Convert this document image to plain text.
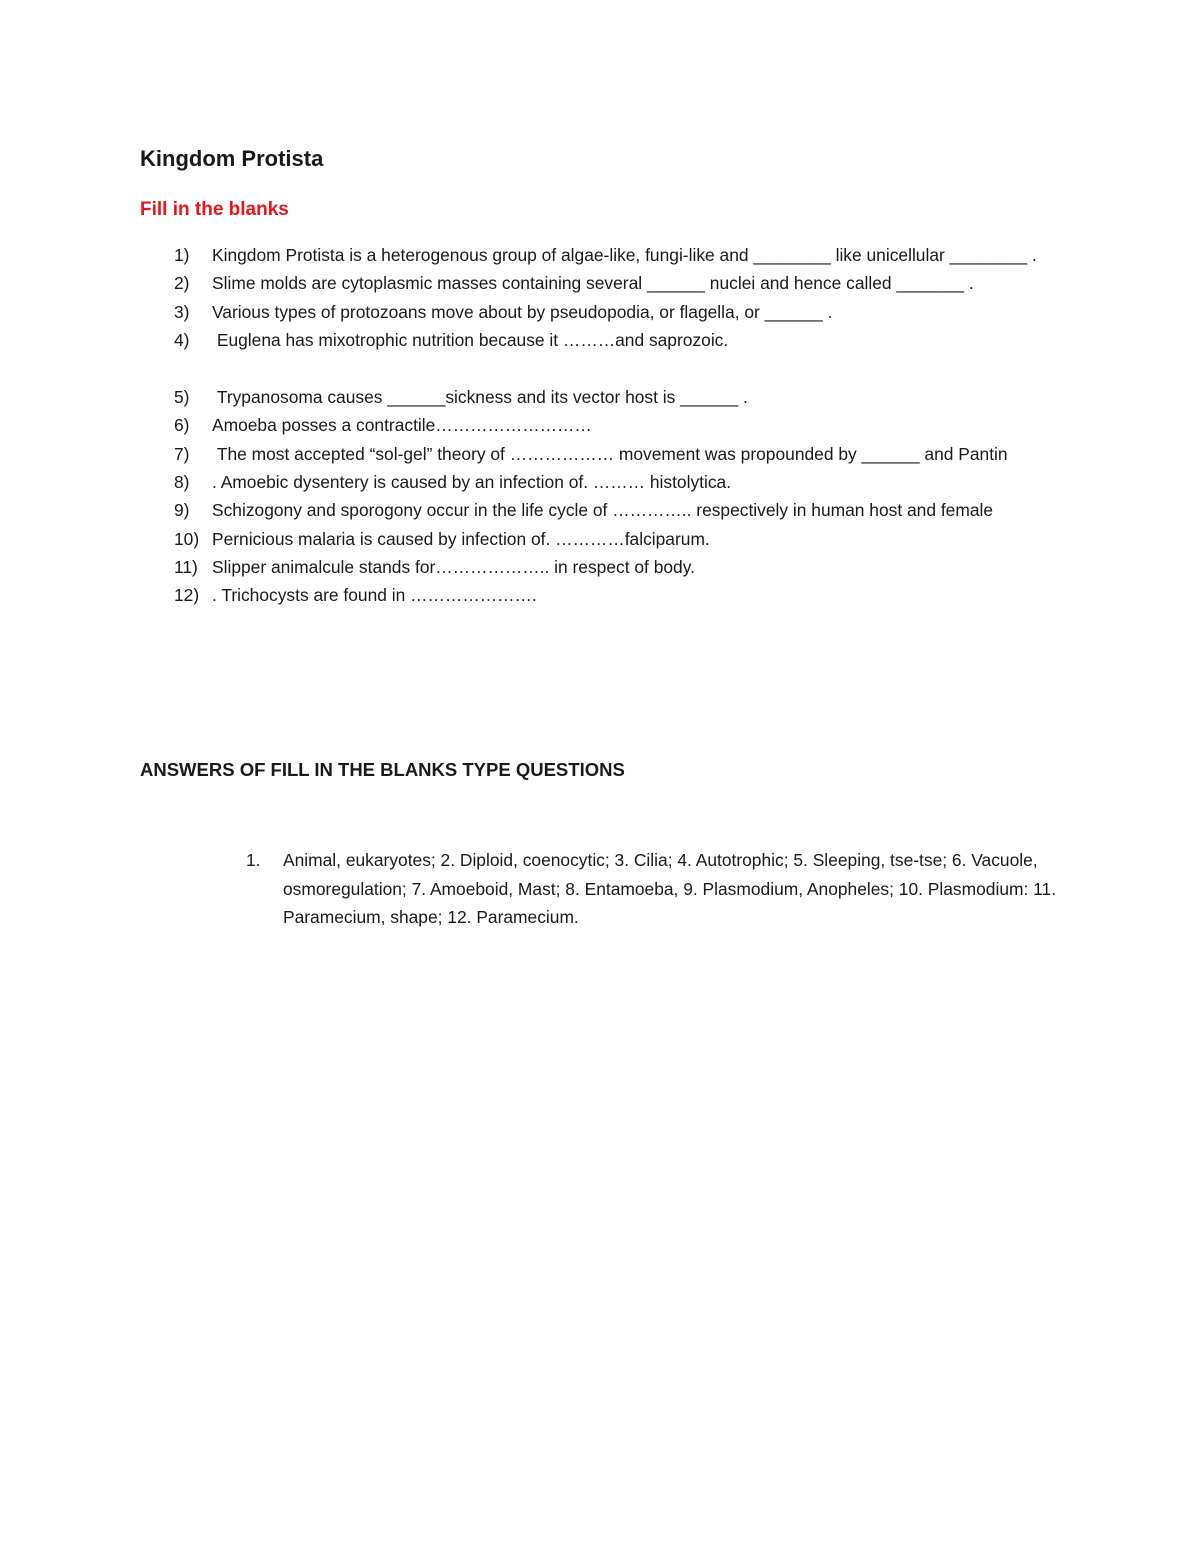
Kingdom Protista
Fill in the blanks
1) Kingdom Protista is a heterogenous group of algae-like, fungi-like and ________ like unicellular ________ .
2) Slime molds are cytoplasmic masses containing several ______ nuclei and hence called _______ .
3) Various types of protozoans move about by pseudopodia, or flagella, or ______ .
4) Euglena has mixotrophic nutrition because it ………and saprozoic.
5) Trypanosoma causes ______sickness and its vector host is ______ .
6) Amoeba posses a contractile………………………
7) The most accepted “sol-gel” theory of ……………… movement was propounded by ______ and Pantin
8) . Amoebic dysentery is caused by an infection of. ……… histolytica.
9) Schizogony and sporogony occur in the life cycle of ………….. respectively in human host and female
10) Pernicious malaria is caused by infection of. …………falciparum.
11) Slipper animalcule stands for……………….. in respect of body.
12) . Trichocysts are found in ………………….
ANSWERS OF FILL IN THE BLANKS TYPE QUESTIONS
1. Animal, eukaryotes; 2. Diploid, coenocytic; 3. Cilia; 4. Autotrophic; 5. Sleeping, tse-tse; 6. Vacuole, osmoregulation; 7. Amoeboid, Mast; 8. Entamoeba, 9. Plasmodium, Anopheles; 10. Plasmodium: 11. Paramecium, shape; 12. Paramecium.
